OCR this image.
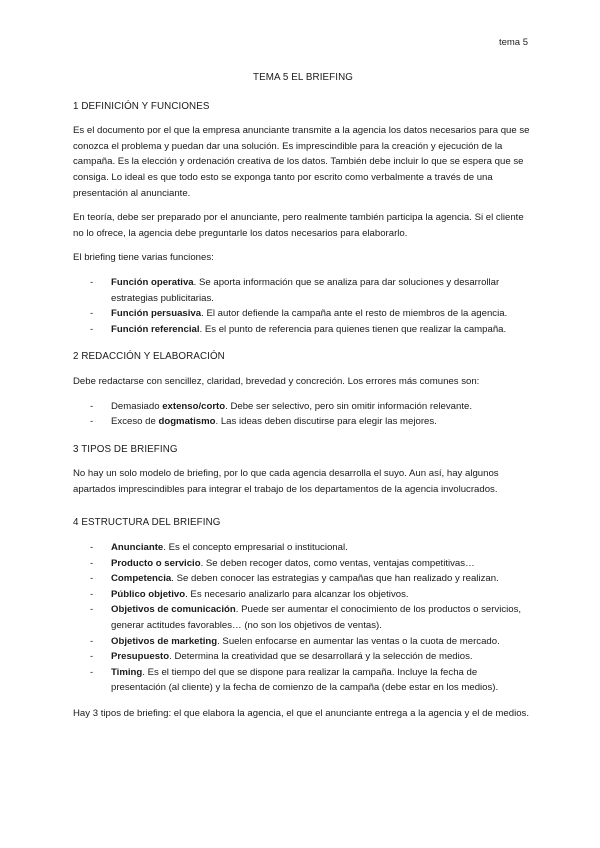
tema 5
TEMA 5 EL BRIEFING
1 DEFINICIÓN Y FUNCIONES

Es el documento por el que la empresa anunciante transmite a la agencia los datos necesarios para que se conozca el problema y puedan dar una solución. Es imprescindible para la creación y ejecución de la campaña. Es la elección y ordenación creativa de los datos. También debe incluir lo que se espera que se consiga. Lo ideal es que todo esto se exponga tanto por escrito como verbalmente a través de una presentación al anunciante.

En teoría, debe ser preparado por el anunciante, pero realmente también participa la agencia. Si el cliente no lo ofrece, la agencia debe preguntarle los datos necesarios para elaborarlo.

El briefing tiene varias funciones:

- Función operativa. Se aporta información que se analiza para dar soluciones y desarrollar estrategias publicitarias.
- Función persuasiva. El autor defiende la campaña ante el resto de miembros de la agencia.
- Función referencial. Es el punto de referencia para quienes tienen que realizar la campaña.
2 REDACCIÓN Y ELABORACIÓN

Debe redactarse con sencillez, claridad, brevedad y concreción. Los errores más comunes son:

- Demasiado extenso/corto. Debe ser selectivo, pero sin omitir información relevante.
- Exceso de dogmatismo. Las ideas deben discutirse para elegir las mejores.
3 TIPOS DE BRIEFING

No hay un solo modelo de briefing, por lo que cada agencia desarrolla el suyo. Aun así, hay algunos apartados imprescindibles para integrar el trabajo de los departamentos de la agencia involucrados.

4 ESTRUCTURA DEL BRIEFING
- Anunciante. Es el concepto empresarial o institucional.
- Producto o servicio. Se deben recoger datos, como ventas, ventajas competitivas…
- Competencia. Se deben conocer las estrategias y campañas que han realizado y realizan.
- Público objetivo. Es necesario analizarlo para alcanzar los objetivos.
- Objetivos de comunicación. Puede ser aumentar el conocimiento de los productos o servicios, generar actitudes favorables… (no son los objetivos de ventas).
- Objetivos de marketing. Suelen enfocarse en aumentar las ventas o la cuota de mercado.
- Presupuesto. Determina la creatividad que se desarrollará y la selección de medios.
- Timing. Es el tiempo del que se dispone para realizar la campaña. Incluye la fecha de presentación (al cliente) y la fecha de comienzo de la campaña (debe estar en los medios).

Hay 3 tipos de briefing: el que elabora la agencia, el que el anunciante entrega a la agencia y el de medios.
